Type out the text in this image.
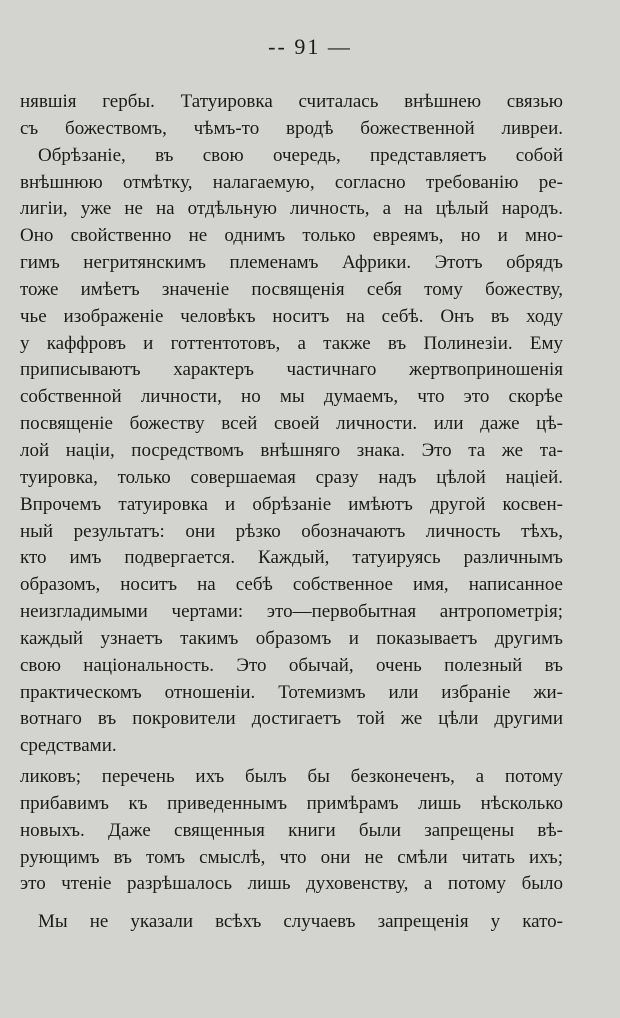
-- 91 —
нявшія гербы. Татуировка считалась внѣшнею связью
съ божествомъ, чѣмъ-то вродѣ божественной ливреи.
Обрѣзаніе, въ свою очередь, представляетъ собой
внѣшнюю отмѣтку, налагаемую, согласно требованію ре-
лигіи, уже не на отдѣльную личность, а на цѣлый народъ.
Оно свойственно не однимъ только евреямъ, но и мно-
гимъ негритянскимъ племенамъ Африки. Этотъ обрядъ
тоже имѣетъ значеніе посвященія себя тому божеству,
чье изображеніе человѣкъ носитъ на себѣ. Онъ въ ходу
у каффровъ и готтентотовъ, а также въ Полинезіи. Ему
приписываютъ характеръ частичнаго жертвоприношенія
собственной личности, но мы думаемъ, что это скорѣе
посвященіе божеству всей своей личности. или даже цѣ-
лой націи, посредствомъ внѣшняго знака. Это та же та-
туировка, только совершаемая сразу надъ цѣлой націей.
Впрочемъ татуировка и обрѣзаніе имѣютъ другой косвен-
ный результатъ: они рѣзко обозначаютъ личность тѣхъ,
кто имъ подвергается. Каждый, татуируясь различнымъ
образомъ, носитъ на себѣ собственное имя, написанное
неизгладимыми чертами: это—первобытная антропометрія;
каждый узнаетъ такимъ образомъ и показываетъ другимъ
свою національность. Это обычай, очень полезный въ
практическомъ отношеніи. Тотемизмъ или избраніе жи-
вотнаго въ покровители достигаетъ той же цѣли другими
средствами.
ликовъ; перечень ихъ былъ бы безконеченъ, а потому
прибавимъ къ приведеннымъ примѣрамъ лишь нѣсколько
новыхъ. Даже священныя книги были запрещены вѣ-
рующимъ въ томъ смыслѣ, что они не смѣли читать ихъ;
это чтеніе разрѣшалось лишь духовенству, а потому было
Мы не указали всѣхъ случаевъ запрещенія у като-
